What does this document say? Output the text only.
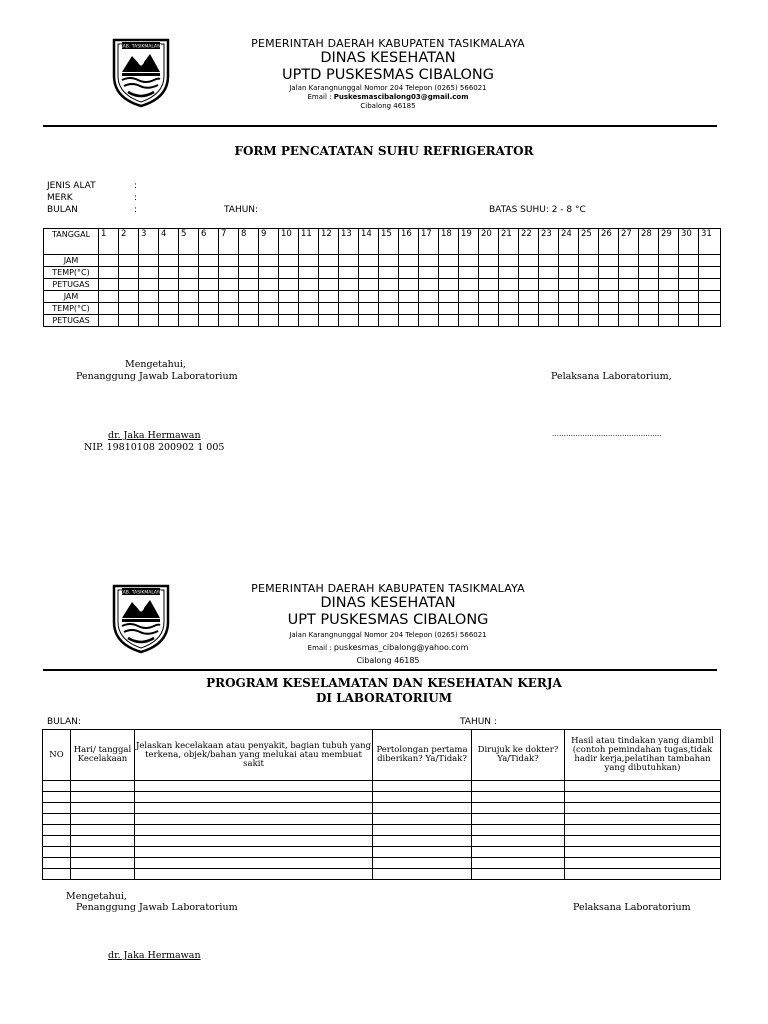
KAB. TASIKMALAYA	PEMERINTAH DAERAH KABUPATEN TASIKMALAYA
DINAS KESEHATAN
UPTD PUSKESMAS CIBALONG
Jalan Karangnunggal Nomor 204 Telepon (0265) 566021
Email : Puskesmascibalong03@gmail.com
Cibalong 46185
FORM PENCATATAN SUHU REFRIGERATOR
JENIS ALAT	:
MERK	:
BULAN	:	TAHUN:	BATAS SUHU: 2 - 8 °C
TANGGAL	1	2	3	4	5	6	7	8	9	10	11	12	13	14	15	16	17	18	19	20	21	22	23	24	25	26	27	28	29	30	31
JAM																															
TEMP(°C)																															
PETUGAS																															
JAM																															
TEMP(°C)																															
PETUGAS																															
Mengetahui,
Penanggung Jawab Laboratorium	Pelaksana Laboratorium,
dr. Jaka Hermawan
NIP. 19810108 200902 1 005
………………………………………..
KAB. TASIKMALAYA	PEMERINTAH DAERAH KABUPATEN TASIKMALAYA
DINAS KESEHATAN
UPT PUSKESMAS CIBALONG
Jalan Karangnunggal Nomor 204 Telepon (0265) 566021
Email : puskesmas_cibalong@yahoo.com
Cibalong 46185
PROGRAM KESELAMATAN DAN KESEHATAN KERJA
DI LABORATORIUM
BULAN:	TAHUN :
NO	Hari/ tanggal Kecelakaan	Jelaskan kecelakaan atau penyakit, bagian tubuh yang terkena, objek/bahan yang melukai atau membuat sakit	Pertolongan pertama diberikan? Ya/Tidak?	Dirujuk ke dokter? Ya/Tidak?	Hasil atau tindakan yang diambil (contoh pemindahan tugas,tidak hadir kerja,pelatihan tambahan yang dibutuhkan)

Mengetahui,
Penanggung Jawab Laboratorium	Pelaksana Laboratorium
dr. Jaka Hermawan
